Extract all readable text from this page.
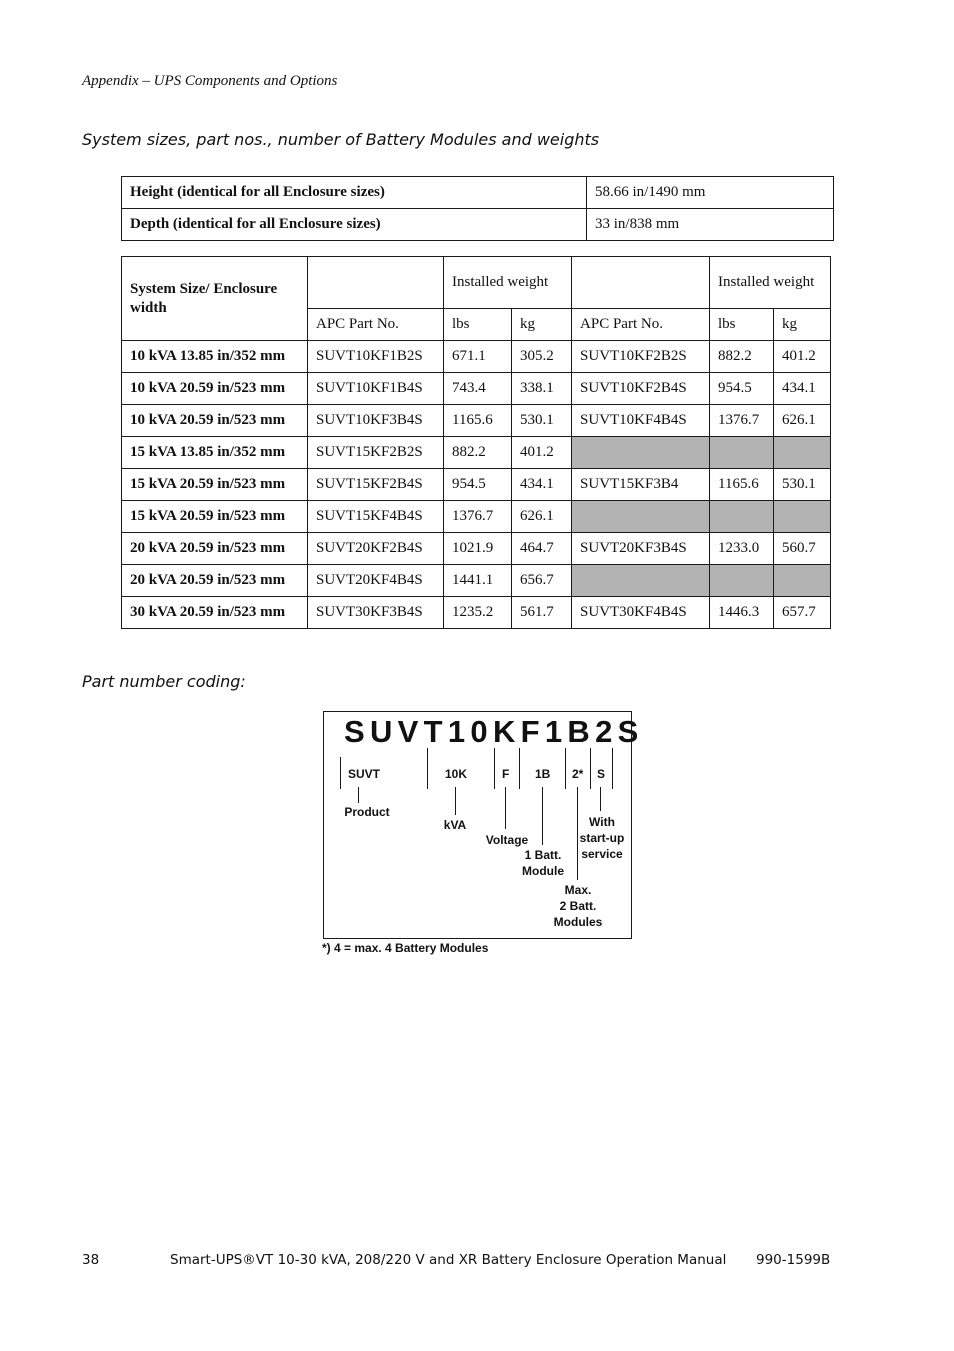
Appendix – UPS Components and Options
System sizes, part nos., number of Battery Modules and weights
Height (identical for all Enclosure sizes)	58.66 in/1490 mm
Depth (identical for all Enclosure sizes)	33 in/838 mm
System Size/ Enclosure width		Installed weight			Installed weight	
	APC Part No.	lbs	kg	APC Part No.	lbs	kg
10 kVA 13.85 in/352 mm	SUVT10KF1B2S	671.1	305.2	SUVT10KF2B2S	882.2	401.2
10 kVA 20.59 in/523 mm	SUVT10KF1B4S	743.4	338.1	SUVT10KF2B4S	954.5	434.1
10 kVA 20.59 in/523 mm	SUVT10KF3B4S	1165.6	530.1	SUVT10KF4B4S	1376.7	626.1
15 kVA 13.85 in/352 mm	SUVT15KF2B2S	882.2	401.2			
15 kVA 20.59 in/523 mm	SUVT15KF2B4S	954.5	434.1	SUVT15KF3B4	1165.6	530.1
15 kVA 20.59 in/523 mm	SUVT15KF4B4S	1376.7	626.1			
20 kVA 20.59 in/523 mm	SUVT20KF2B4S	1021.9	464.7	SUVT20KF3B4S	1233.0	560.7
20 kVA 20.59 in/523 mm	SUVT20KF4B4S	1441.1	656.7			
30 kVA 20.59 in/523 mm	SUVT30KF3B4S	1235.2	561.7	SUVT30KF4B4S	1446.3	657.7
Part number coding:
SUVT10KF1B2S
SUVT	10K	F 1B 2* S
Product
kVA
Voltage
1 Batt.
Module
With
start-up
service
Max.
2 Batt.
Modules
*) 4 = max. 4 Battery Modules
38	Smart-UPS®VT 10-30 kVA, 208/220 V and XR Battery Enclosure Operation Manual 990-1599B
